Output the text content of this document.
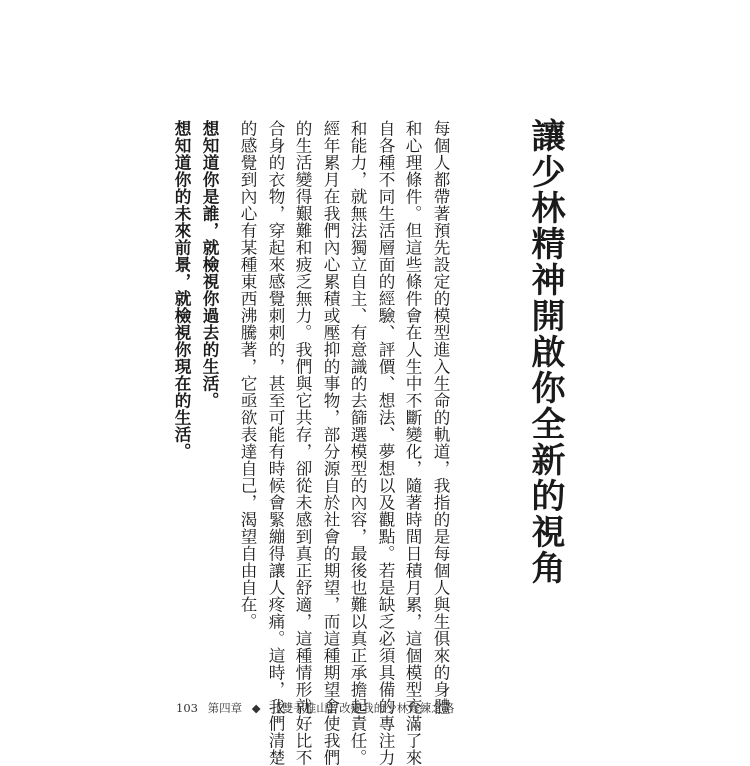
讓少林精神開啟你全新的視角
每個人都帶著預先設定的模型進入生命的軌道，我指的是每個人與生俱來的身體
和心理條件。但這些條件會在人生中不斷變化，隨著時間日積月累，這個模型充滿了來
自各種不同生活層面的經驗、評價、想法、夢想以及觀點。若是缺乏必須具備的專注力
和能力，就無法獨立自主、有意識的去篩選模型的內容，最後也難以真正承擔起責任。
經年累月在我們內心累積或壓抑的事物，部分源自於社會的期望，而這種期望會使我們
的生活變得艱難和疲乏無力。我們與它共存，卻從未感到真正舒適，這種情形就好比不
合身的衣物，穿起來感覺刺刺的，甚至可能有時候會緊繃得讓人疼痛。這時，我們清楚
的感覺到內心有某種東西沸騰著，它亟欲表達自己，渴望自由自在。
想知道你是誰，就檢視你過去的生活。
想知道你的未來前景，就檢視你現在的生活。
103 第四章 ◆ 【雙手推山】改變我的少林修練之路
